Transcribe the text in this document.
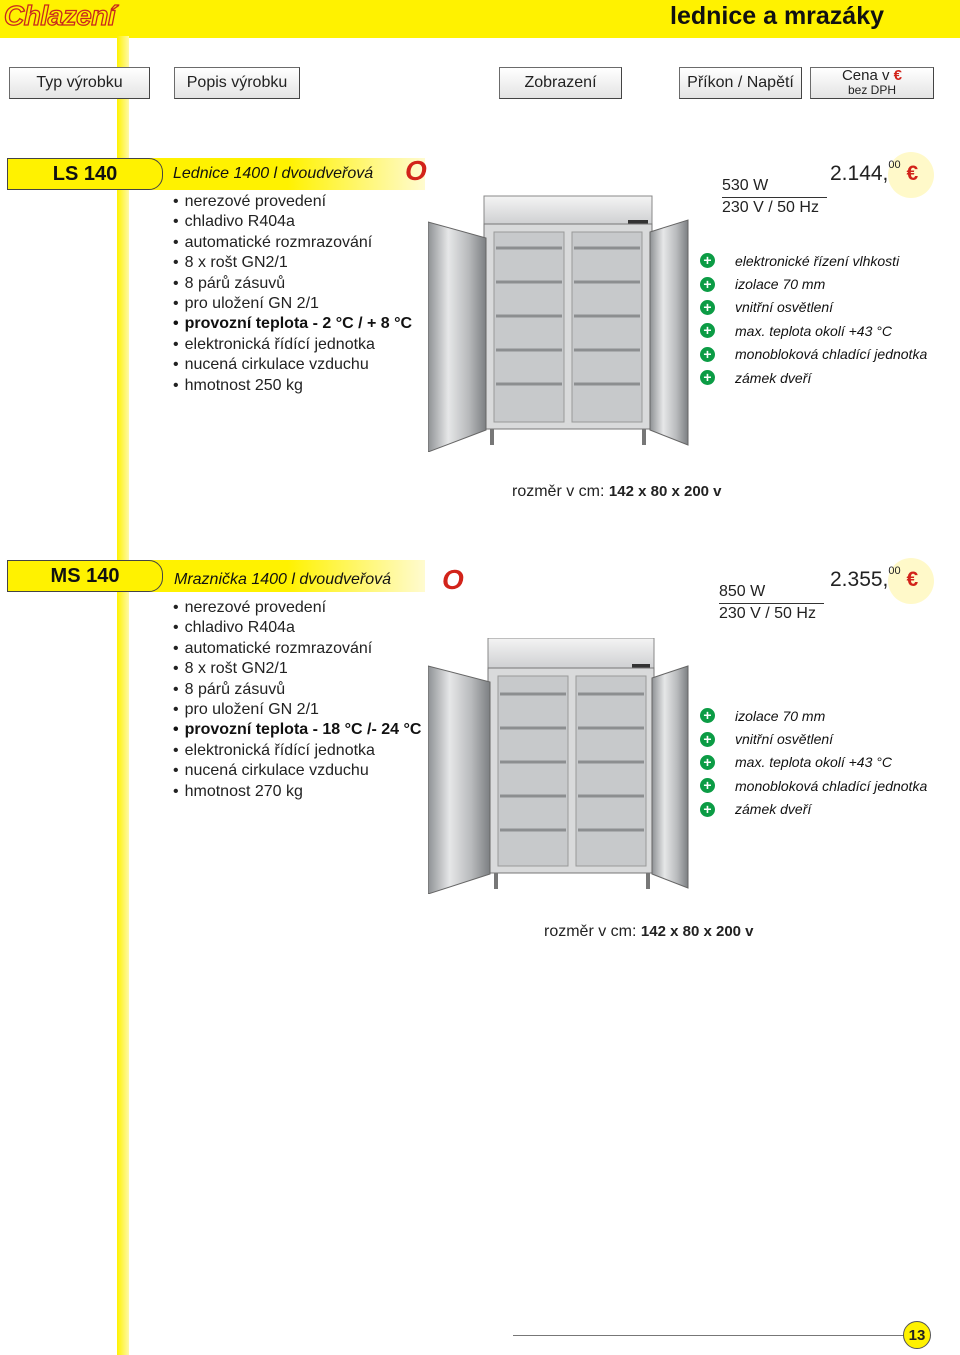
Chlazení	lednice a mrazáky
Typ výrobku	Popis výrobku	Zobrazení	Příkon / Napětí	Cena v €
bez DPH
LS 140	Lednice 1400 l dvoudveřová O
• nerezové provedení
• chladivo R404a
• automatické rozmrazování
• 8 x rošt GN2/1
• 8 párů zásuvů
• pro uložení GN 2/1
• provozní teplota - 2 °C / + 8 °C
• elektronická řídící jednotka
• nucená cirkulace vzduchu
• hmotnost 250 kg
530 W
230 V / 50 Hz
2.144,00 €
+ elektronické řízení vlhkosti
+ izolace 70 mm
+ vnitřní osvětlení
+ max. teplota okolí +43 °C
+ monobloková chladící jednotka
+ zámek dveří
rozměr v cm: 142 x 80 x 200 v
MS 140	Mraznička 1400 l dvoudveřová O
• nerezové provedení
• chladivo R404a
• automatické rozmrazování
• 8 x rošt GN2/1
• 8 párů zásuvů
• pro uložení GN 2/1
• provozní teplota - 18 °C /- 24 °C
• elektronická řídící jednotka
• nucená cirkulace vzduchu
• hmotnost 270 kg
850 W
230 V / 50 Hz
2.355,00 €
+ izolace 70 mm
+ vnitřní osvětlení
+ max. teplota okolí +43 °C
+ monobloková chladící jednotka
+ zámek dveří
rozměr v cm: 142 x 80 x 200 v
13
